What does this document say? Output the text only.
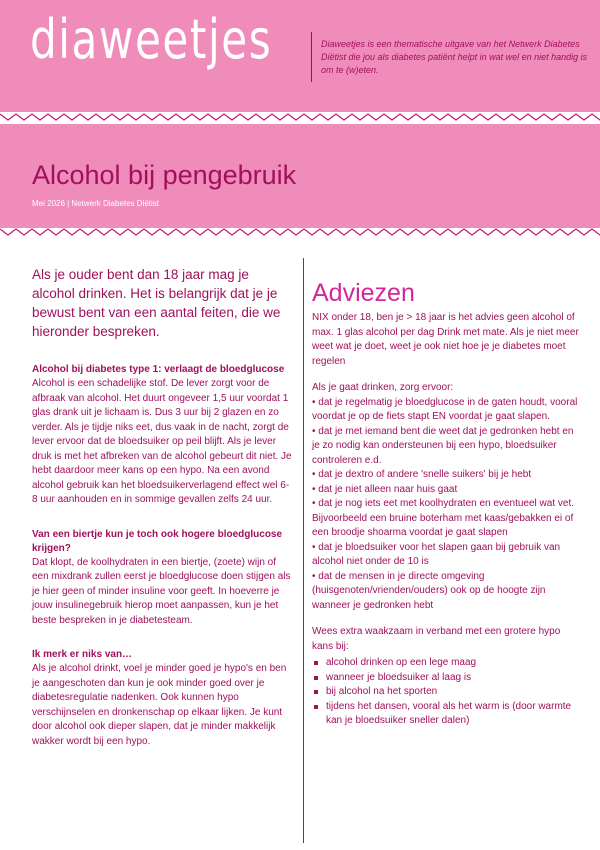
diaweetjes	Diaweetjes is een thematische uitgave van het Netwerk Diabetes Diëtist die jou als diabetes patiënt helpt in wat wel en niet handig is om te (w)eten.
Alcohol bij pengebruik
Mei 2026 | Netwerk Diabetes Diëtist

Als je ouder bent dan 18 jaar mag je alcohol drinken. Het is belangrijk dat je je bewust bent van een aantal feiten, die we hieronder bespreken.

Alcohol bij diabetes type 1: verlaagt de bloedglucose

Alcohol is een schadelijke stof. De lever zorgt voor de afbraak van alcohol. Het duurt ongeveer 1,5 uur voordat 1 glas drank uit je lichaam is. Dus 3 uur bij 2 glazen en zo verder. Als je tijdje niks eet, dus vaak in de nacht, zorgt de lever ervoor dat de bloedsuiker op peil blijft. Als je lever druk is met het afbreken van de alcohol gebeurt dit niet. Je hebt daardoor meer kans op een hypo. Na een avond alcohol gebruik kan het bloedsuikerverlagend effect wel 6-8 uur aanhouden en in sommige gevallen zelfs 24 uur.

Van een biertje kun je toch ook hogere bloedglucose krijgen?

Dat klopt, de koolhydraten in een biertje, (zoete) wijn of een mixdrank zullen eerst je bloedglucose doen stijgen als je hier geen of minder insuline voor geeft. In hoeverre je jouw insulinegebruik hierop moet aanpassen, kun je het beste bespreken in je diabetesteam.

Ik merk er niks van…

Als je alcohol drinkt, voel je minder goed je hypo's en ben je aangeschoten dan kun je ook minder goed over je diabetesregulatie nadenken. Ook kunnen hypo verschijnselen en dronkenschap op elkaar lijken. Je kunt door alcohol ook dieper slapen, dat je minder makkelijk wakker wordt bij een hypo.

Adviezen

NIX onder 18, ben je > 18 jaar is het advies geen alcohol of max. 1 glas alcohol per dag Drink met mate. Als je niet meer weet wat je doet, weet je ook niet hoe je je diabetes moet regelen

Als je gaat drinken, zorg ervoor:

• dat je regelmatig je bloedglucose in de gaten houdt, vooral voordat je op de fiets stapt EN voordat je gaat slapen.
• dat je met iemand bent die weet dat je gedronken hebt en je zo nodig kan ondersteunen bij een hypo, bloedsuiker controleren e.d.
• dat je dextro of andere 'snelle suikers' bij je hebt
• dat je niet alleen naar huis gaat
• dat je nog iets eet met koolhydraten en eventueel wat vet. Bijvoorbeeld een bruine boterham met kaas/gebakken ei of een broodje shoarma voordat je gaat slapen
• dat je bloedsuiker voor het slapen gaan bij gebruik van alcohol niet onder de 10 is
• dat de mensen in je directe omgeving (huisgenoten/vrienden/ouders) ook op de hoogte zijn wanneer je gedronken hebt

Wees extra waakzaam in verband met een grotere hypo kans bij:

alcohol drinken op een lege maag
wanneer je bloedsuiker al laag is
bij alcohol na het sporten
tijdens het dansen, vooral als het warm is (door warmte kan je bloedsuiker sneller dalen)
